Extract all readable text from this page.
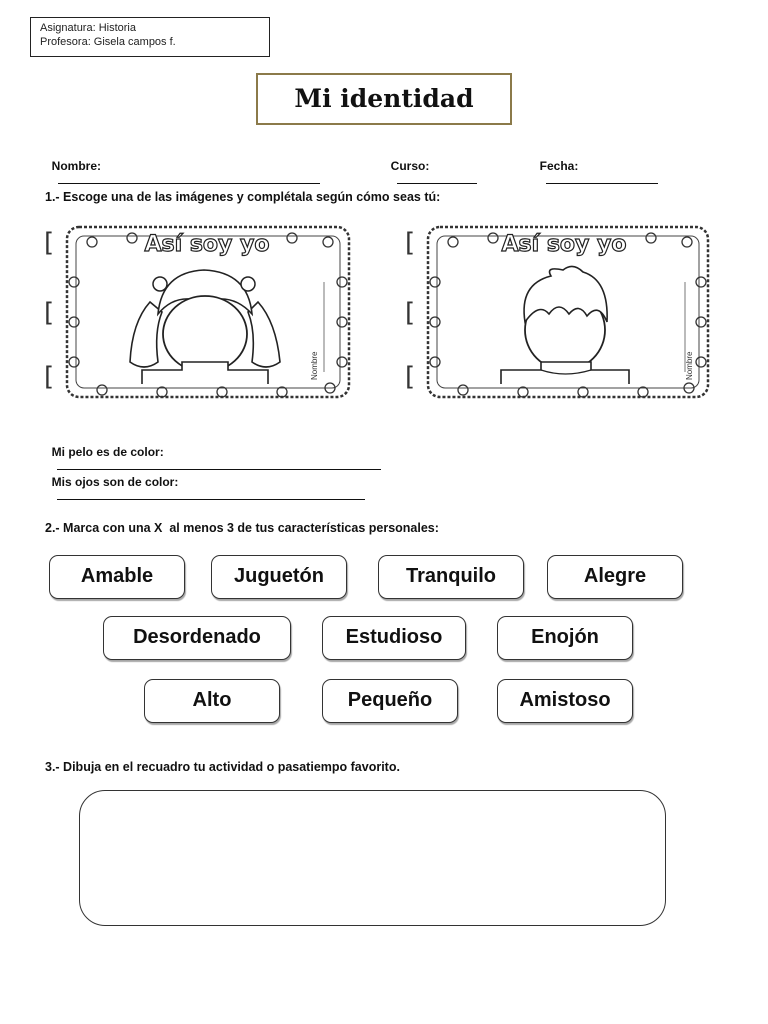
Asignatura: Historia
Profesora: Gisela campos f.
Mi identidad

Nombre:
	Curso:
	Fecha:

1.- Escoge una de las imágenes y complétala según cómo seas tú:
[
[
[
[
[
[
Así soy yo
Nombre
Así soy yo
Nombre

Mi pelo es de color:

Mis ojos son de color:

2.- Marca con una X  al menos 3 de tus características personales:
Amable	Juguetón	Tranquilo	Alegre
Desordenado	Estudioso	Enojón
Alto	Pequeño	Amistoso
3.- Dibuja en el recuadro tu actividad o pasatiempo favorito.
